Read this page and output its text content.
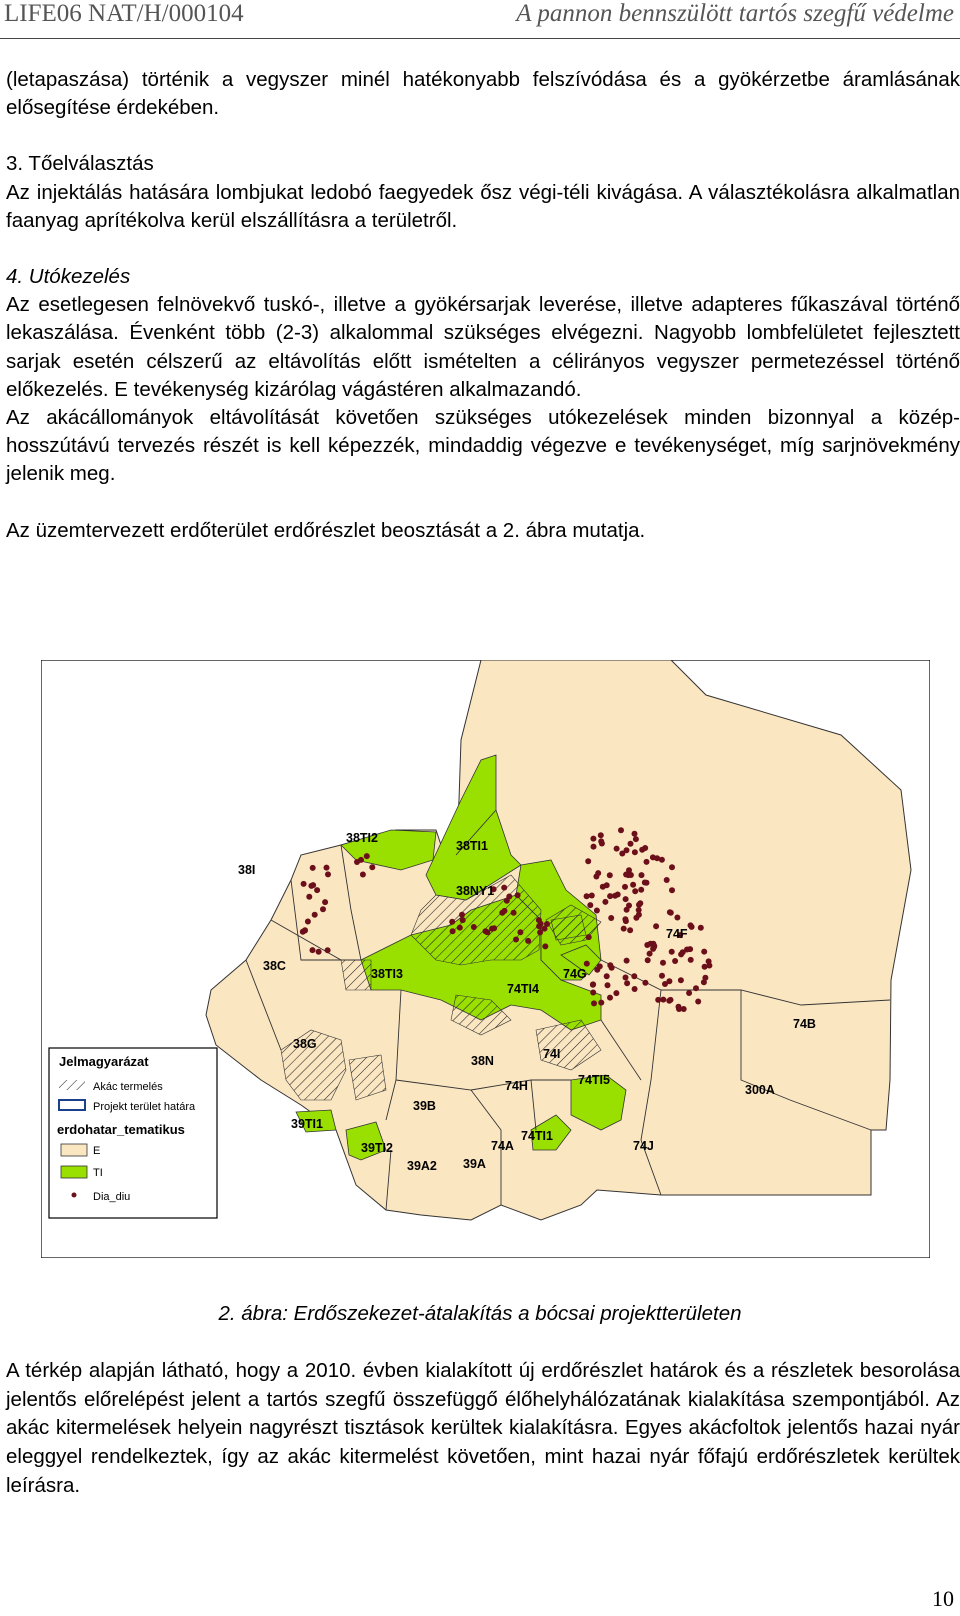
LIFE06 NAT/H/000104	A pannon bennszülött tartós szegfű védelme

(letapaszása) történik a vegyszer minél hatékonyabb felszívódása és a gyökérzetbe áramlásának elősegítése érdekében.

3. Tőelválasztás

Az injektálás hatására lombjukat ledobó faegyedek ősz végi-téli kivágása. A választékolásra alkalmatlan faanyag aprítékolva kerül elszállításra a területről.

4. Utókezelés

Az esetlegesen felnövekvő tuskó-, illetve a gyökérsarjak leverése, illetve adapteres fűkaszával történő lekaszálása. Évenként több (2-3) alkalommal szükséges elvégezni. Nagyobb lombfelületet fejlesztett sarjak esetén célszerű az eltávolítás előtt ismételten a célirányos vegyszer permetezéssel történő előkezelés. E tevékenység kizárólag vágástéren alkalmazandó.

Az akácállományok eltávolítását követően szükséges utókezelések minden bizonnyal a közép-hosszútávú tervezés részét is kell képezzék, mindaddig végezve e tevékenységet, míg sarjnövekmény jelenik meg.

Az üzemtervezett erdőterület erdőrészlet beosztását a 2. ábra mutatja.

38TI2
38TI1
38I
38NY1
74F
38C
38TI3
74TI4
74G
74B
38G
74I
38N
74H	74TI5
300A
39B
39TI1
39TI2
74TI1
74A	74J
39A2 39A
Jelmagyarázat
Akác termelés
Projekt terület határa
erdohatar_tematikus
E
TI
Dia_diu
2. ábra: Erdőszekezet-átalakítás a bócsai projektterületen

A térkép alapján látható, hogy a 2010. évben kialakított új erdőrészlet határok és a részletek besorolása jelentős előrelépést jelent a tartós szegfű összefüggő élőhelyhálózatának kialakítása szempontjából. Az akác kitermelések helyein nagyrészt tisztások kerültek kialakításra. Egyes akácfoltok jelentős hazai nyár eleggyel rendelkeztek, így az akác kitermelést követően, mint hazai nyár főfajú erdőrészletek kerültek leírásra.

10
